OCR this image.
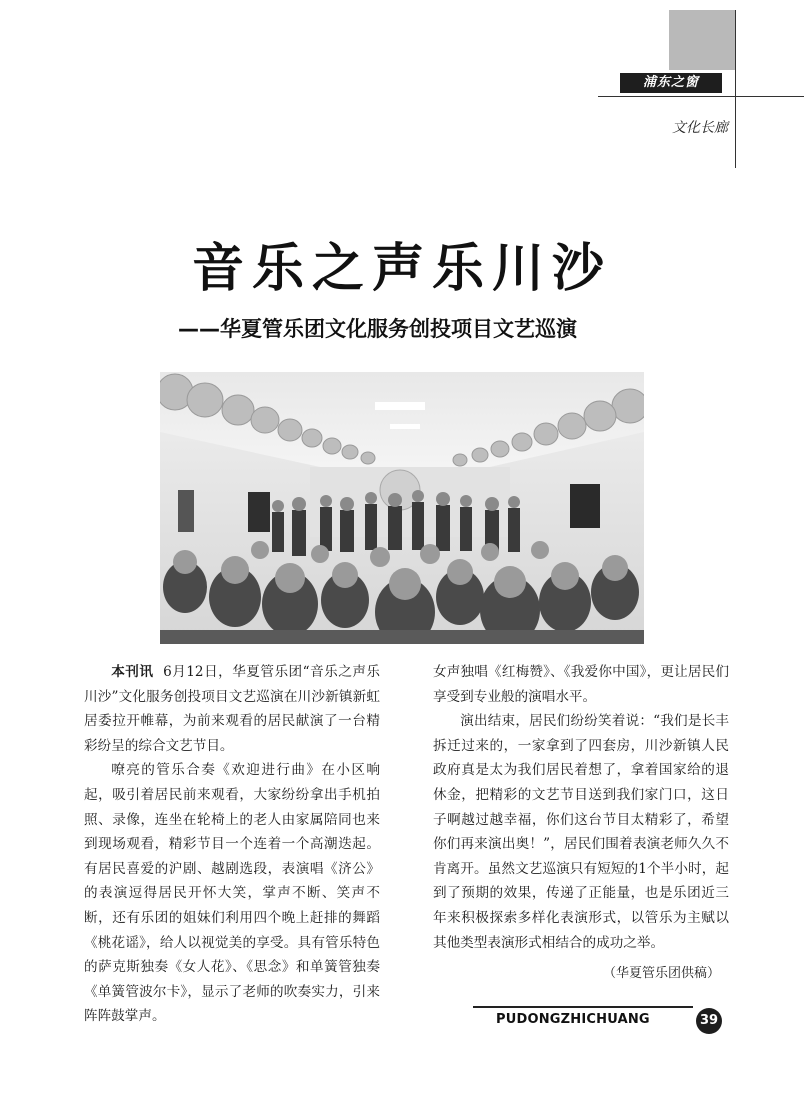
浦东之窗
文化长廊
音乐之声乐川沙
——华夏管乐团文化服务创投项目文艺巡演

本刊讯 6月12日，华夏管乐团“音乐之声乐川沙”文化服务创投项目文艺巡演在川沙新镇新虹居委拉开帷幕，为前来观看的居民献演了一台精彩纷呈的综合文艺节目。

嘹亮的管乐合奏《欢迎进行曲》在小区响起，吸引着居民前来观看，大家纷纷拿出手机拍照、录像，连坐在轮椅上的老人由家属陪同也来到现场观看，精彩节目一个连着一个高潮迭起。有居民喜爱的沪剧、越剧选段，表演唱《济公》的表演逗得居民开怀大笑，掌声不断、笑声不断，还有乐团的姐妹们利用四个晚上赶排的舞蹈《桃花谣》，给人以视觉美的享受。具有管乐特色的萨克斯独奏《女人花》、《思念》和单簧管独奏《单簧管波尔卡》，显示了老师的吹奏实力，引来阵阵鼓掌声。

女声独唱《红梅赞》、《我爱你中国》，更让居民们享受到专业般的演唱水平。

演出结束，居民们纷纷笑着说：“我们是长丰拆迁过来的，一家拿到了四套房，川沙新镇人民政府真是太为我们居民着想了，拿着国家给的退休金，把精彩的文艺节目送到我们家门口，这日子啊越过越幸福，你们这台节目太精彩了，希望你们再来演出奥！”，居民们围着表演老师久久不肯离开。虽然文艺巡演只有短短的1个半小时，起到了预期的效果，传递了正能量，也是乐团近三年来积极探索多样化表演形式，以管乐为主赋以其他类型表演形式相结合的成功之举。

（华夏管乐团供稿）
PUDONGZHICHUANG	39
